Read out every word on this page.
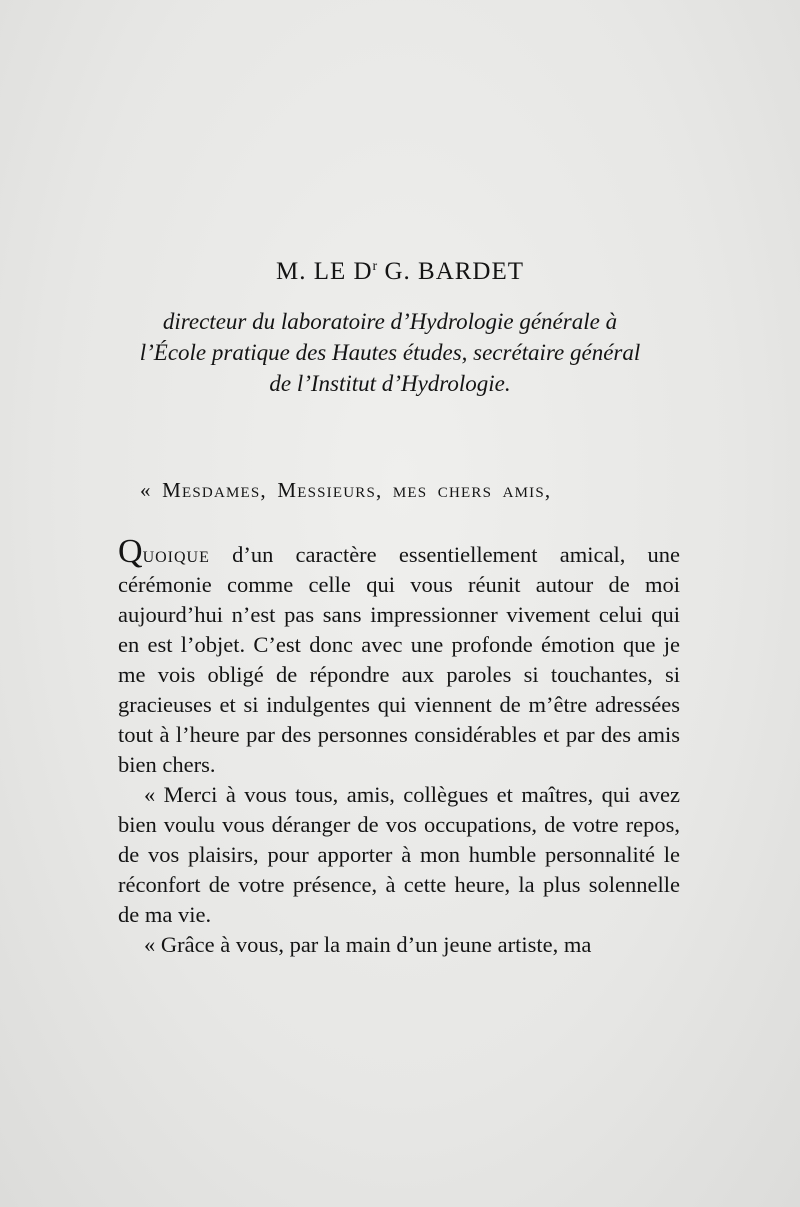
M. LE $D^r$ G. BARDET
directeur du laboratoire d’Hydrologie générale à
l’École pratique des Hautes études, secrétaire général
de l’Institut d’Hydrologie.
« Mesdames, Messieurs, mes chers amis,

Quoique d’un caractère essentiellement amical, une cérémonie comme celle qui vous réunit autour de moi aujourd’hui n’est pas sans impressionner vivement celui qui en est l’objet. C’est donc avec une profonde émotion que je me vois obligé de répondre aux paroles si touchantes, si gracieuses et si indulgentes qui viennent de m’être adressées tout à l’heure par des personnes considérables et par des amis bien chers.

« Merci à vous tous, amis, collègues et maîtres, qui avez bien voulu vous déranger de vos occupations, de votre repos, de vos plaisirs, pour apporter à mon humble personnalité le réconfort de votre présence, à cette heure, la plus solennelle de ma vie.

« Grâce à vous, par la main d’un jeune artiste, ma
